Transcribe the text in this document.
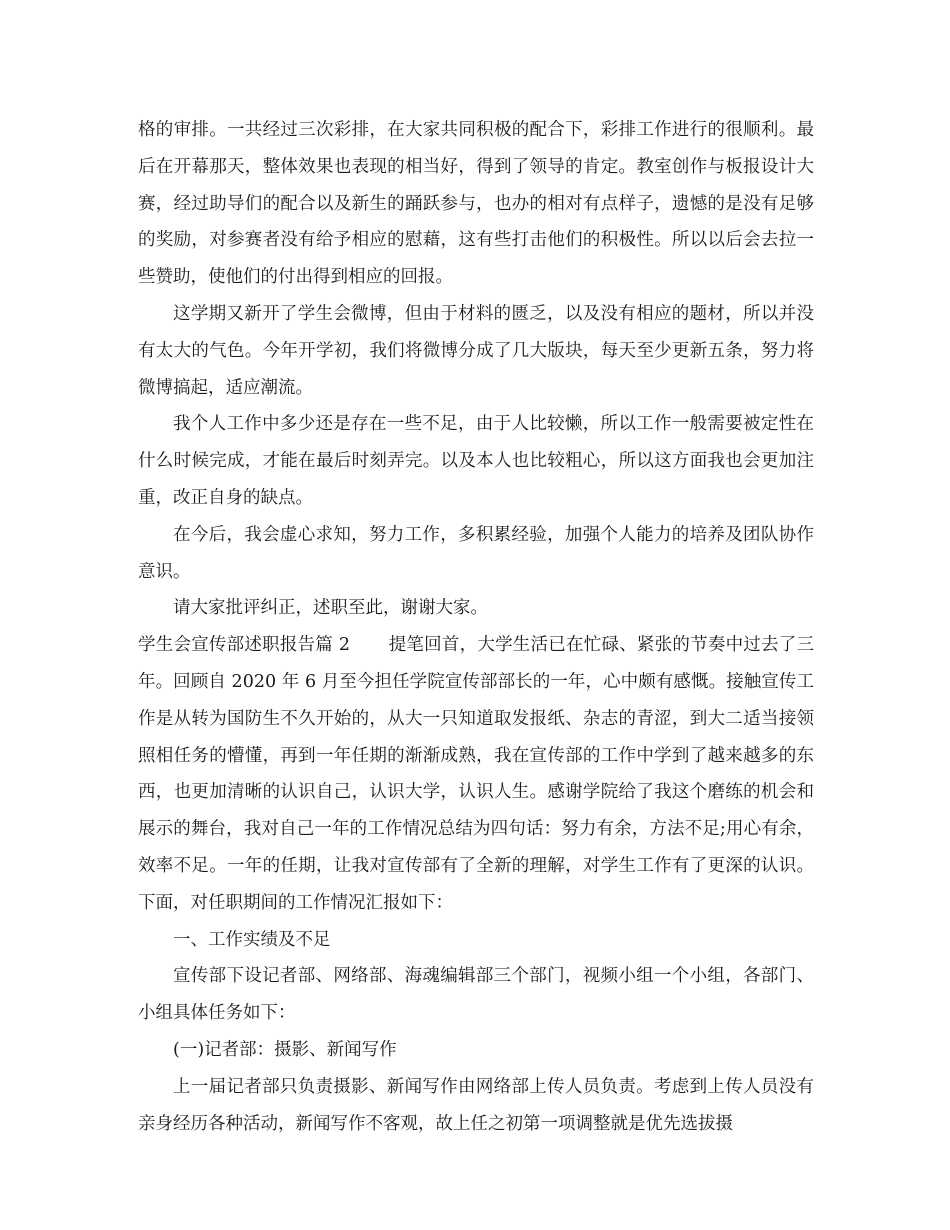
格的审排。一共经过三次彩排，在大家共同积极的配合下，彩排工作进行的很顺利。最后在开幕那天，整体效果也表现的相当好，得到了领导的肯定。教室创作与板报设计大赛，经过助导们的配合以及新生的踊跃参与，也办的相对有点样子，遗憾的是没有足够的奖励，对参赛者没有给予相应的慰藉，这有些打击他们的积极性。所以以后会去拉一些赞助，使他们的付出得到相应的回报。

这学期又新开了学生会微博，但由于材料的匮乏，以及没有相应的题材，所以并没有太大的气色。今年开学初，我们将微博分成了几大版块，每天至少更新五条，努力将微博搞起，适应潮流。

我个人工作中多少还是存在一些不足，由于人比较懒，所以工作一般需要被定性在什么时候完成，才能在最后时刻弄完。以及本人也比较粗心，所以这方面我也会更加注重，改正自身的缺点。

在今后，我会虚心求知，努力工作，多积累经验，加强个人能力的培养及团队协作意识。

请大家批评纠正，述职至此，谢谢大家。

学生会宣传部述职报告篇 2 提笔回首，大学生活已在忙碌、紧张的节奏中过去了三年。回顾自 2020 年 6 月至今担任学院宣传部部长的一年，心中颇有感慨。接触宣传工作是从转为国防生不久开始的，从大一只知道取发报纸、杂志的青涩，到大二适当接领照相任务的懵懂，再到一年任期的渐渐成熟，我在宣传部的工作中学到了越来越多的东西，也更加清晰的认识自己，认识大学，认识人生。感谢学院给了我这个磨练的机会和展示的舞台，我对自己一年的工作情况总结为四句话：努力有余，方法不足;用心有余，效率不足。一年的任期，让我对宣传部有了全新的理解，对学生工作有了更深的认识。下面，对任职期间的工作情况汇报如下：

一、工作实绩及不足

宣传部下设记者部、网络部、海魂编辑部三个部门，视频小组一个小组，各部门、小组具体任务如下：

(一)记者部：摄影、新闻写作

上一届记者部只负责摄影、新闻写作由网络部上传人员负责。考虑到上传人员没有亲身经历各种活动，新闻写作不客观，故上任之初第一项调整就是优先选拔摄
